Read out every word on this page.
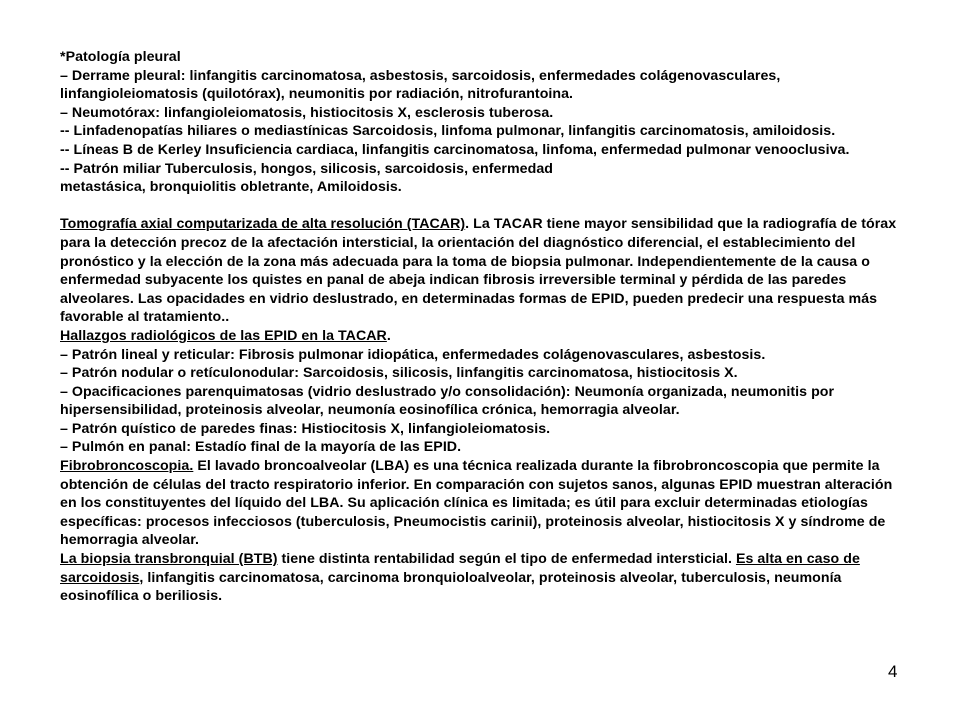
*Patología pleural

– Derrame pleural: linfangitis carcinomatosa, asbestosis, sarcoidosis, enfermedades colágenovasculares, linfangioleiomatosis (quilotórax), neumonitis por radiación, nitrofurantoina.

– Neumotórax: linfangioleiomatosis, histiocitosis X, esclerosis tuberosa.

-- Linfadenopatías hiliares o mediastínicas Sarcoidosis, linfoma pulmonar, linfangitis carcinomatosis, amiloidosis.

-- Líneas B de Kerley Insuficiencia cardiaca, linfangitis carcinomatosa, linfoma, enfermedad pulmonar venooclusiva.

-- Patrón miliar Tuberculosis, hongos, silicosis, sarcoidosis, enfermedad

metastásica, bronquiolitis obletrante, Amiloidosis.

Tomografía axial computarizada de alta resolución (TACAR). La TACAR tiene mayor sensibilidad que la radiografía de tórax para la detección precoz de la afectación intersticial, la orientación del diagnóstico diferencial, el establecimiento del pronóstico y la elección de la zona más adecuada para la toma de biopsia pulmonar. Independientemente de la causa o enfermedad subyacente los quistes en panal de abeja indican fibrosis irreversible terminal y pérdida de las paredes alveolares. Las opacidades en vidrio deslustrado, en determinadas formas de EPID, pueden predecir una respuesta más favorable al tratamiento..

Hallazgos radiológicos de las EPID en la TACAR.

– Patrón lineal y reticular: Fibrosis pulmonar idiopática, enfermedades colágenovasculares, asbestosis.

– Patrón nodular o retículonodular: Sarcoidosis, silicosis, linfangitis carcinomatosa, histiocitosis X.

– Opacificaciones parenquimatosas (vidrio deslustrado y/o consolidación): Neumonía organizada, neumonitis por hipersensibilidad, proteinosis alveolar, neumonía eosinofílica crónica, hemorragia alveolar.

– Patrón quístico de paredes finas: Histiocitosis X, linfangioleiomatosis.

– Pulmón en panal: Estadío final de la mayoría de las EPID.

Fibrobroncoscopia. El lavado broncoalveolar (LBA) es una técnica realizada durante la fibrobroncoscopia que permite la obtención de células del tracto respiratorio inferior. En comparación con sujetos sanos, algunas EPID muestran alteración en los constituyentes del líquido del LBA. Su aplicación clínica es limitada; es útil para excluir determinadas etiologías específicas: procesos infecciosos (tuberculosis, Pneumocistis carinii), proteinosis alveolar, histiocitosis X y síndrome de hemorragia alveolar.

La biopsia transbronquial (BTB) tiene distinta rentabilidad según el tipo de enfermedad intersticial. Es alta en caso de sarcoidosis, linfangitis carcinomatosa, carcinoma bronquioloalveolar, proteinosis alveolar, tuberculosis, neumonía eosinofílica o beriliosis.

4
